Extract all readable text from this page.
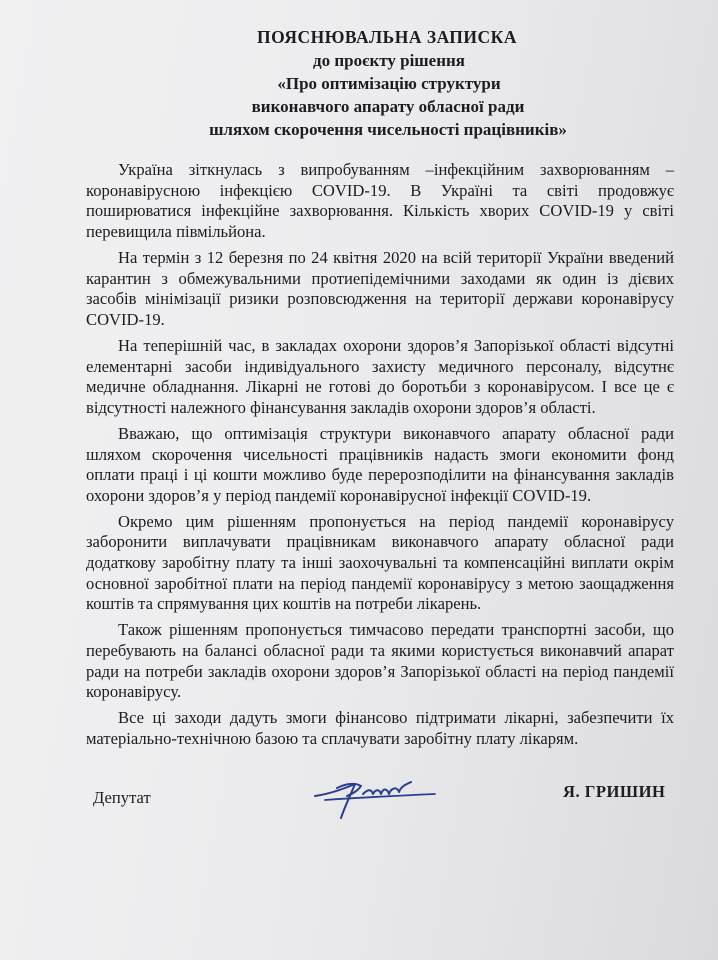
ПОЯСНЮВАЛЬНА ЗАПИСКА
до проєкту рішення
«Про оптимізацію структури
виконавчого апарату обласної ради
шляхом скорочення чисельності працівників»

Україна зіткнулась з випробуванням –інфекційним захворюванням – коронавірусною інфекцією COVID-19. В Україні та світі продовжує поширюватися інфекційне захворювання. Кількість хворих COVID-19 у світі перевищила півмільйона.

На термін з 12 березня по 24 квітня 2020 на всій території України введений карантин з обмежувальними протиепідемічними заходами як один із дієвих засобів мінімізації ризики розповсюдження на території держави коронавірусу COVID-19.

На теперішній час, в закладах охорони здоров’я Запорізької області відсутні елементарні засоби індивідуального захисту медичного персоналу, відсутнє медичне обладнання. Лікарні не готові до боротьби з коронавірусом. І все це є відсутності належного фінансування закладів охорони здоров’я області.

Вважаю, що оптимізація структури виконавчого апарату обласної ради шляхом скорочення чисельності працівників надасть змоги економити фонд оплати праці і ці кошти можливо буде перерозподілити на фінансування закладів охорони здоров’я у період пандемії коронавірусної інфекції COVID-19.

Окремо цим рішенням пропонується на період пандемії коронавірусу заборонити виплачувати працівникам виконавчого апарату обласної ради додаткову заробітну плату та інші заохочувальні та компенсаційні виплати окрім основної заробітної плати на період пандемії коронавірусу з метою заощадження коштів та спрямування цих коштів на потреби лікарень.

Також рішенням пропонується тимчасово передати транспортні засоби, що перебувають на балансі обласної ради та якими користується виконавчий апарат ради на потреби закладів охорони здоров’я Запорізької області на період пандемії коронавірусу.

Все ці заходи дадуть змоги фінансово підтримати лікарні, забезпечити їх матеріально-технічною базою та сплачувати заробітну плату лікарям.

Депутат	Я. ГРИШИН
